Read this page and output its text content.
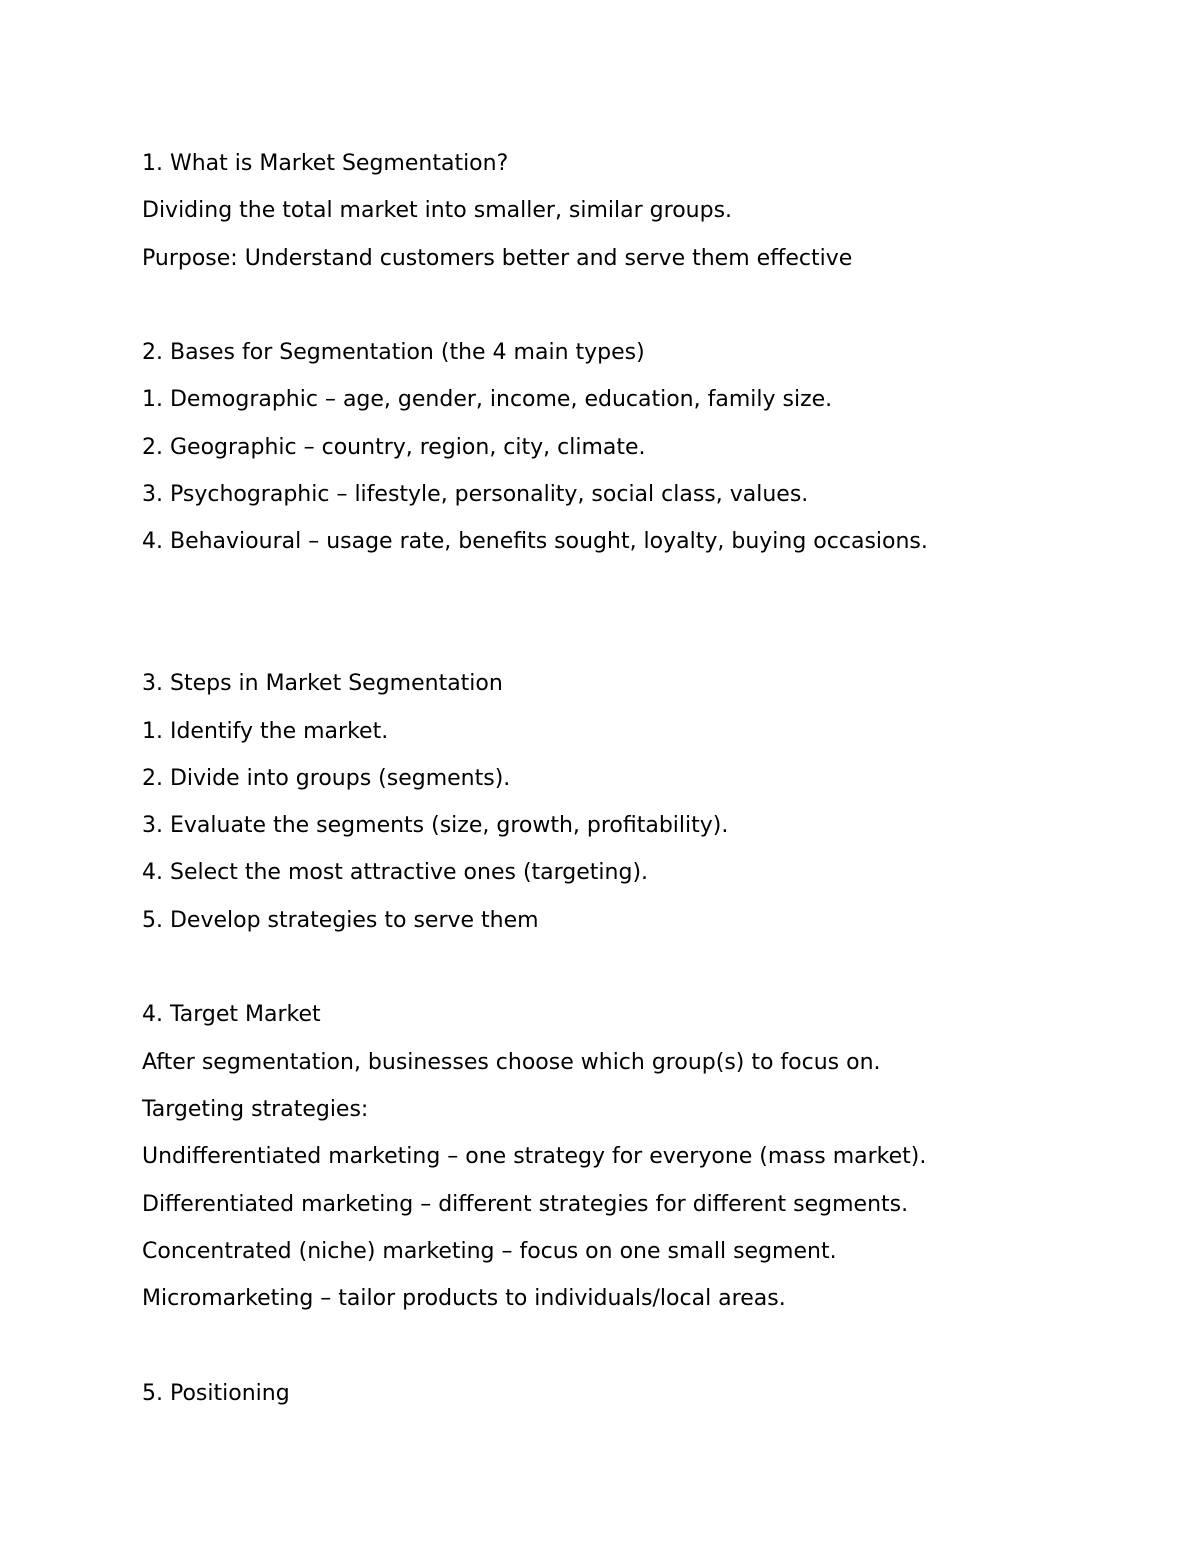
1. What is Market Segmentation?
Dividing the total market into smaller, similar groups.
Purpose: Understand customers better and serve them effective
2. Bases for Segmentation (the 4 main types)
1. Demographic – age, gender, income, education, family size.
2. Geographic – country, region, city, climate.
3. Psychographic – lifestyle, personality, social class, values.
4. Behavioural – usage rate, benefits sought, loyalty, buying occasions.
3. Steps in Market Segmentation
1. Identify the market.
2. Divide into groups (segments).
3. Evaluate the segments (size, growth, profitability).
4. Select the most attractive ones (targeting).
5. Develop strategies to serve them
4. Target Market
After segmentation, businesses choose which group(s) to focus on.
Targeting strategies:
Undifferentiated marketing – one strategy for everyone (mass market).
Differentiated marketing – different strategies for different segments.
Concentrated (niche) marketing – focus on one small segment.
Micromarketing – tailor products to individuals/local areas.
5. Positioning
